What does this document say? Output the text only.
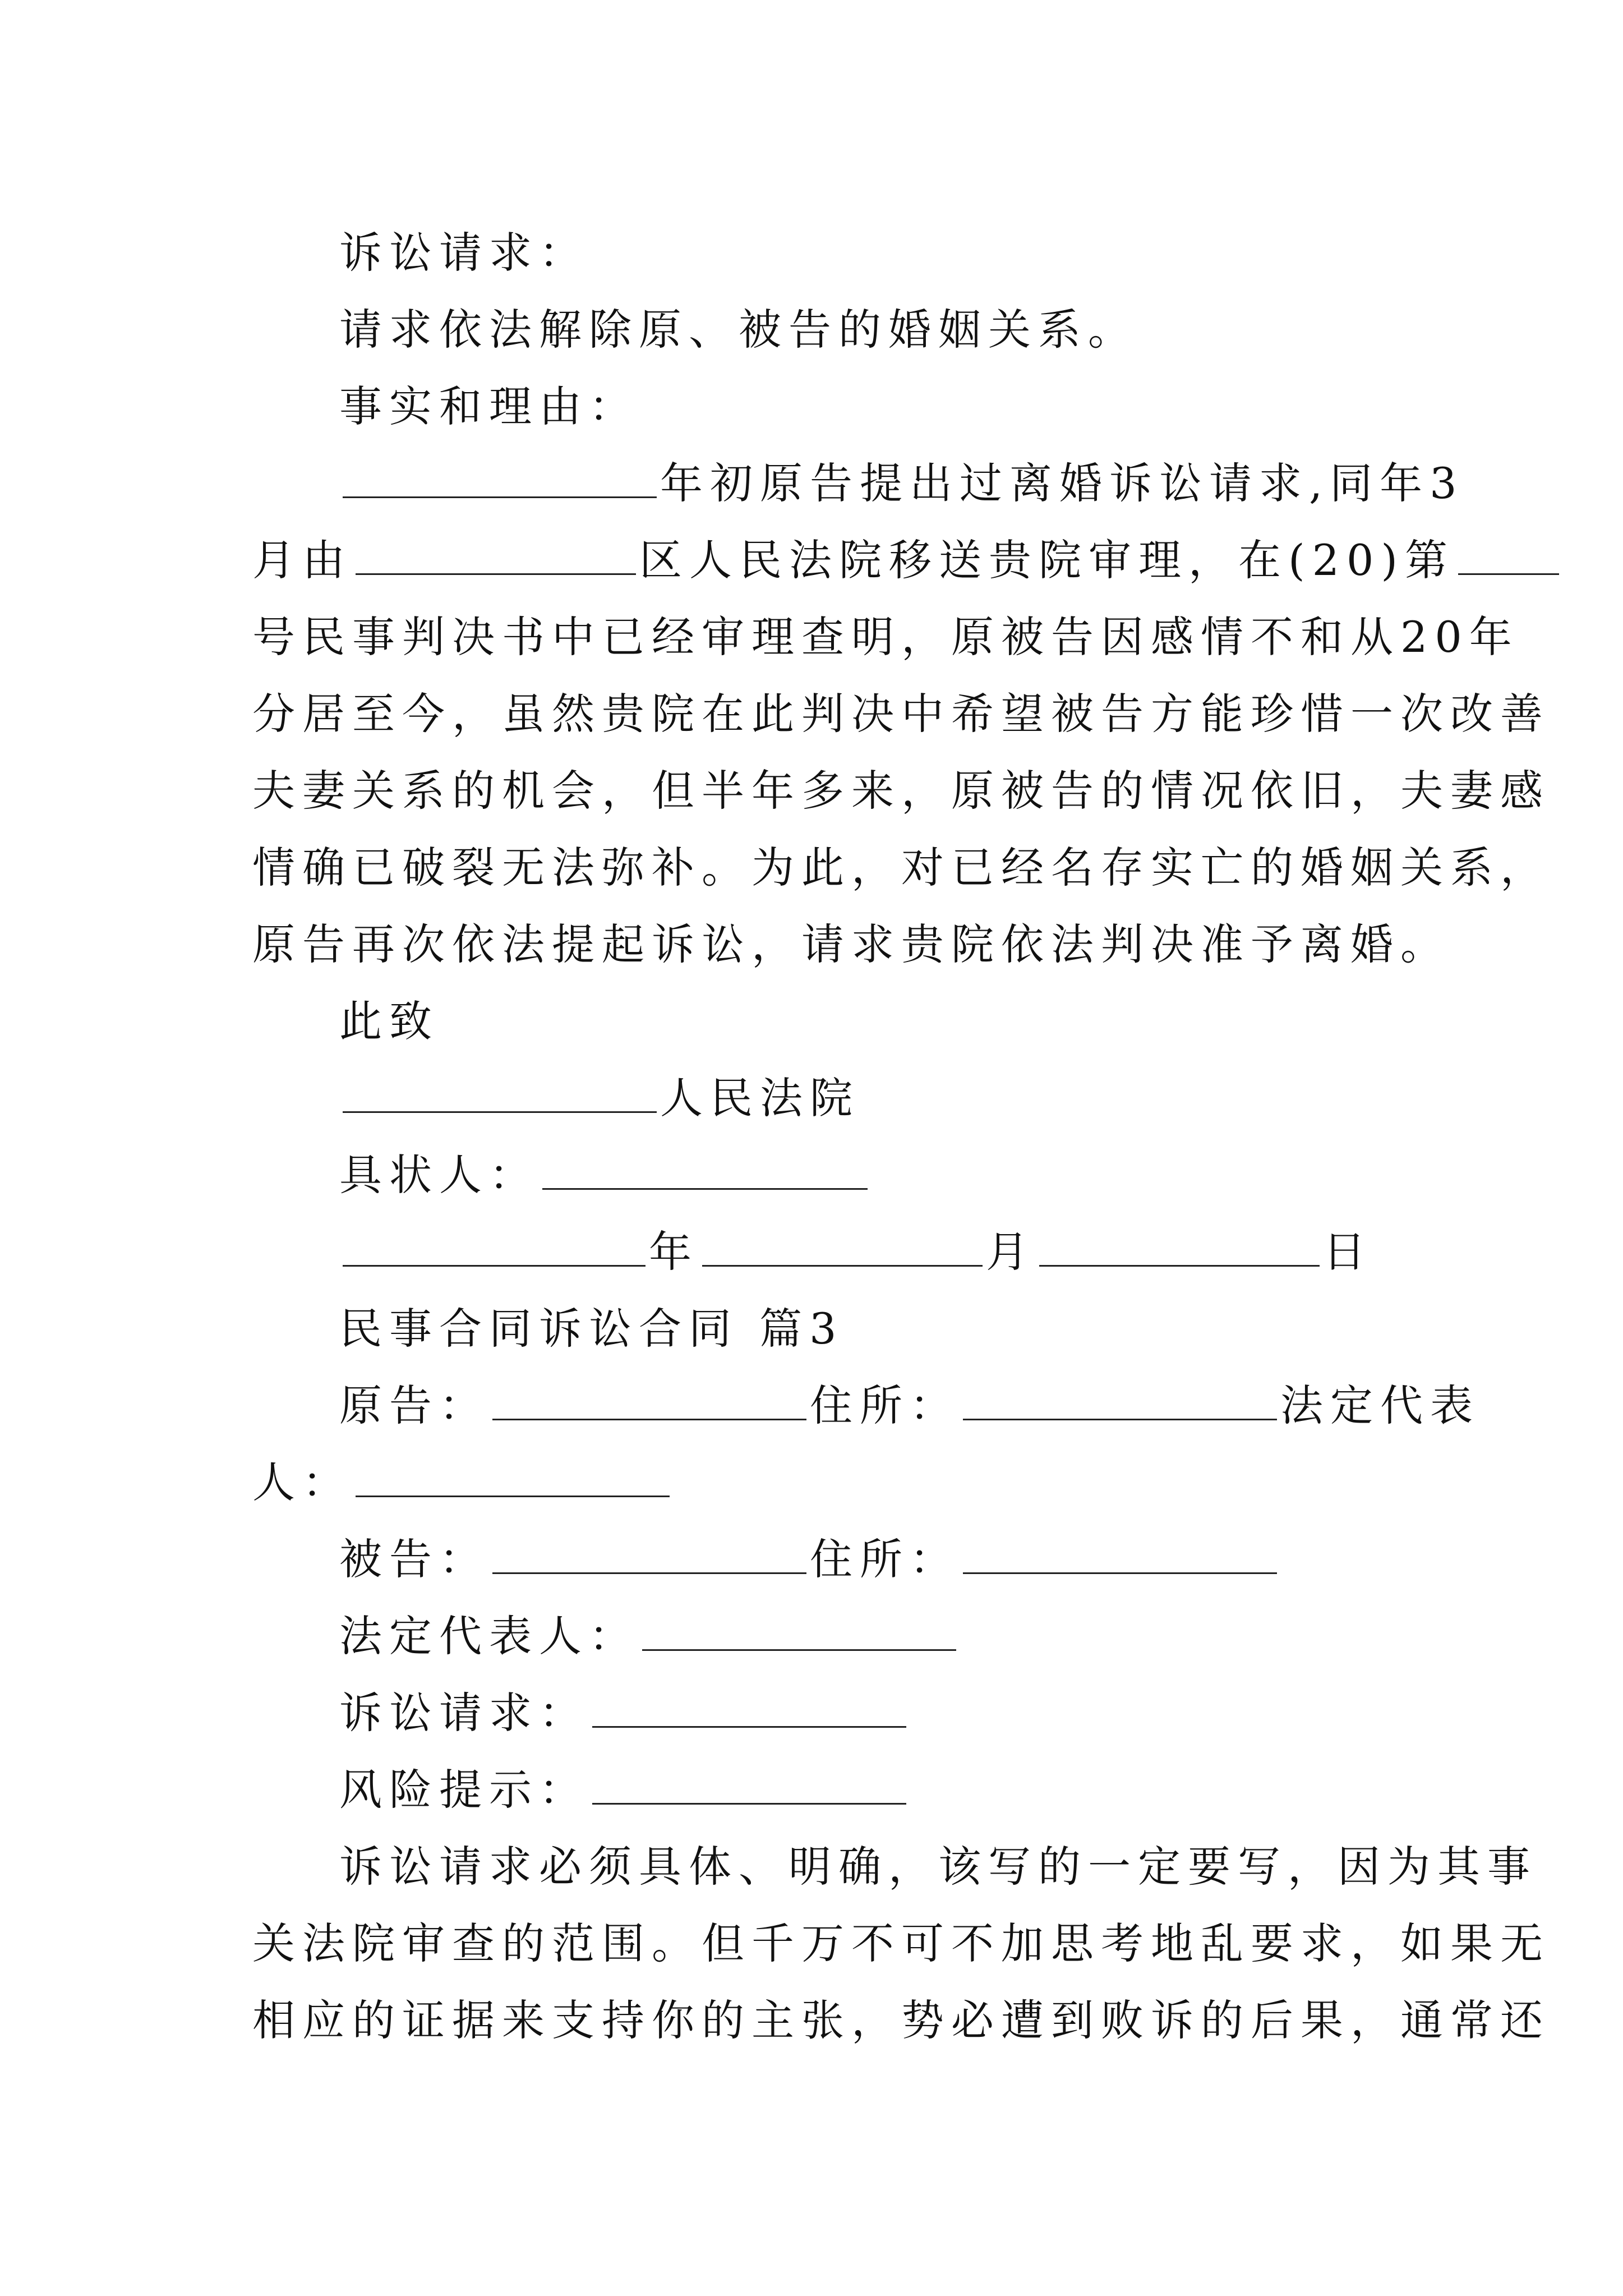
诉讼请求：
请求依法解除原、被告的婚姻关系。
事实和理由：
年初原告提出过离婚诉讼请求,同年3
月由	区人民法院移送贵院审理，在(20)第
号民事判决书中已经审理查明，原被告因感情不和从20年
分居至今，虽然贵院在此判决中希望被告方能珍惜一次改善
夫妻关系的机会，但半年多来，原被告的情况依旧，夫妻感
情确已破裂无法弥补。为此，对已经名存实亡的婚姻关系，
原告再次依法提起诉讼，请求贵院依法判决准予离婚。
此致
人民法院
具状人：
年	月	日
民事合同诉讼合同 篇3
原告：	住所：	法定代表
人：
被告：	住所：
法定代表人：
诉讼请求：
风险提示：
诉讼请求必须具体、明确，该写的一定要写，因为其事
关法院审查的范围。但千万不可不加思考地乱要求，如果无
相应的证据来支持你的主张，势必遭到败诉的后果，通常还
